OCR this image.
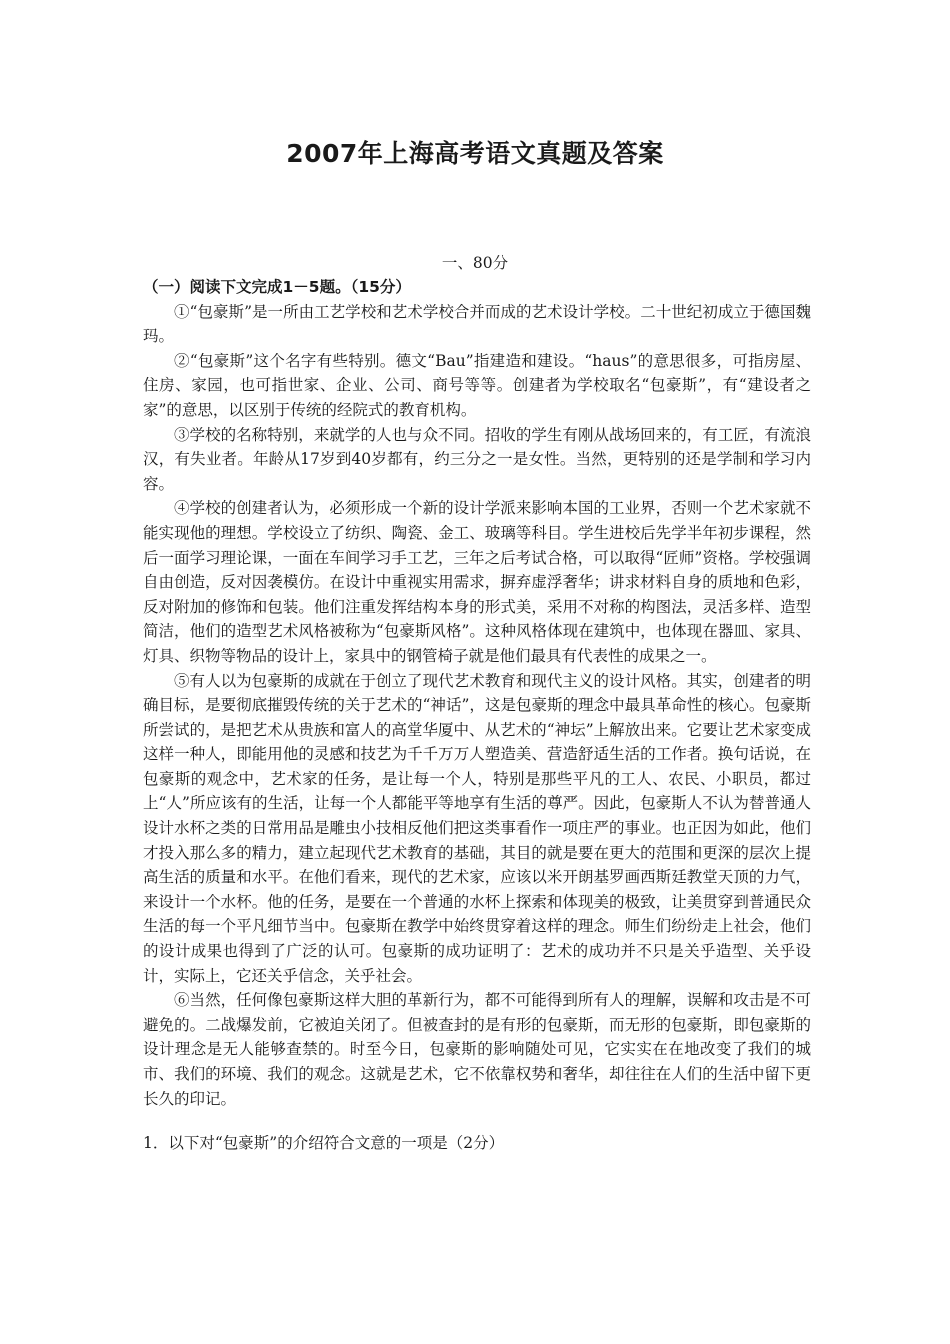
2007年上海高考语文真题及答案
一、80分

（一）阅读下文完成1－5题。（15分）

①“包豪斯”是一所由工艺学校和艺术学校合并而成的艺术设计学校。二十世纪初成立于德国魏玛。

②“包豪斯”这个名字有些特别。德文“Bau”指建造和建设。“haus”的意思很多，可指房屋、住房、家园，也可指世家、企业、公司、商号等等。创建者为学校取名“包豪斯”，有“建设者之家”的意思，以区别于传统的经院式的教育机构。

③学校的名称特别，来就学的人也与众不同。招收的学生有刚从战场回来的，有工匠，有流浪汉，有失业者。年龄从17岁到40岁都有，约三分之一是女性。当然，更特别的还是学制和学习内容。

④学校的创建者认为，必须形成一个新的设计学派来影响本国的工业界，否则一个艺术家就不能实现他的理想。学校设立了纺织、陶瓷、金工、玻璃等科目。学生进校后先学半年初步课程，然后一面学习理论课，一面在车间学习手工艺，三年之后考试合格，可以取得“匠师”资格。学校强调自由创造，反对因袭模仿。在设计中重视实用需求，摒弃虚浮奢华；讲求材料自身的质地和色彩，反对附加的修饰和包装。他们注重发挥结构本身的形式美，采用不对称的构图法，灵活多样、造型简洁，他们的造型艺术风格被称为“包豪斯风格”。这种风格体现在建筑中，也体现在器皿、家具、灯具、织物等物品的设计上，家具中的钢管椅子就是他们最具有代表性的成果之一。

⑤有人以为包豪斯的成就在于创立了现代艺术教育和现代主义的设计风格。其实，创建者的明确目标，是要彻底摧毁传统的关于艺术的“神话”，这是包豪斯的理念中最具革命性的核心。包豪斯所尝试的，是把艺术从贵族和富人的高堂华厦中、从艺术的“神坛”上解放出来。它要让艺术家变成这样一种人，即能用他的灵感和技艺为千千万万人塑造美、营造舒适生活的工作者。换句话说，在包豪斯的观念中，艺术家的任务，是让每一个人，特别是那些平凡的工人、农民、小职员，都过上“人”所应该有的生活，让每一个人都能平等地享有生活的尊严。因此，包豪斯人不认为替普通人设计水杯之类的日常用品是雕虫小技相反他们把这类事看作一项庄严的事业。也正因为如此，他们才投入那么多的精力，建立起现代艺术教育的基础，其目的就是要在更大的范围和更深的层次上提高生活的质量和水平。在他们看来，现代的艺术家，应该以米开朗基罗画西斯廷教堂天顶的力气，来设计一个水杯。他的任务，是要在一个普通的水杯上探索和体现美的极致，让美贯穿到普通民众生活的每一个平凡细节当中。包豪斯在教学中始终贯穿着这样的理念。师生们纷纷走上社会，他们的设计成果也得到了广泛的认可。包豪斯的成功证明了：艺术的成功并不只是关乎造型、关乎设计，实际上，它还关乎信念，关乎社会。

⑥当然，任何像包豪斯这样大胆的革新行为，都不可能得到所有人的理解，误解和攻击是不可避免的。二战爆发前，它被迫关闭了。但被查封的是有形的包豪斯，而无形的包豪斯，即包豪斯的设计理念是无人能够查禁的。时至今日，包豪斯的影响随处可见，它实实在在地改变了我们的城市、我们的环境、我们的观念。这就是艺术，它不依靠权势和奢华，却往往在人们的生活中留下更长久的印记。

1．以下对“包豪斯”的介绍符合文意的一项是（2分）
